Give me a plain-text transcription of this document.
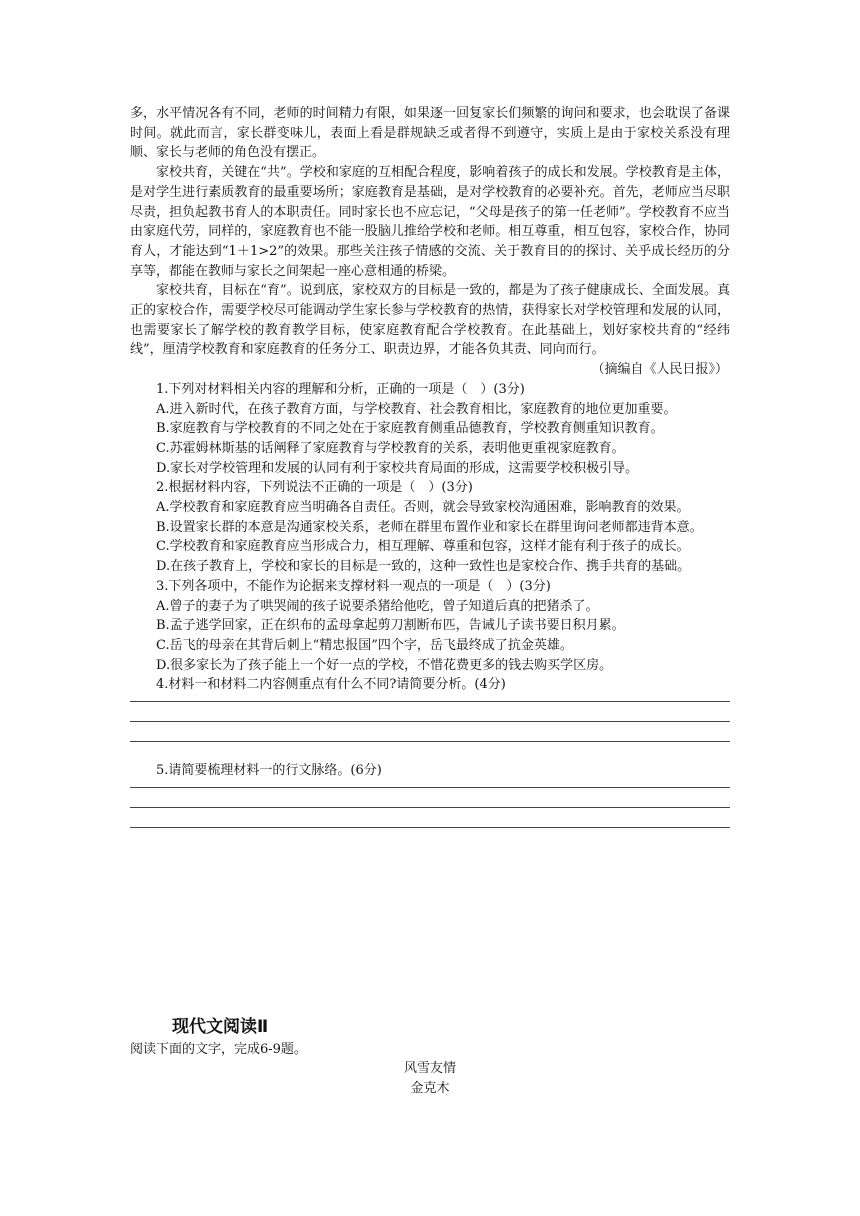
多，水平情况各有不同，老师的时间精力有限，如果逐一回复家长们频繁的询问和要求，也会耽误了备课时间。就此而言，家长群变味儿，表面上看是群规缺乏或者得不到遵守，实质上是由于家校关系没有理顺、家长与老师的角色没有摆正。

家校共育，关键在“共”。学校和家庭的互相配合程度，影响着孩子的成长和发展。学校教育是主体，是对学生进行素质教育的最重要场所；家庭教育是基础，是对学校教育的必要补充。首先，老师应当尽职尽责，担负起教书育人的本职责任。同时家长也不应忘记，“父母是孩子的第一任老师”。学校教育不应当由家庭代劳，同样的，家庭教育也不能一股脑儿推给学校和老师。相互尊重，相互包容，家校合作，协同育人，才能达到“1＋1>2”的效果。那些关注孩子情感的交流、关于教育目的的探讨、关乎成长经历的分享等，都能在教师与家长之间架起一座心意相通的桥梁。

家校共育，目标在“育”。说到底，家校双方的目标是一致的，都是为了孩子健康成长、全面发展。真正的家校合作，需要学校尽可能调动学生家长参与学校教育的热情，获得家长对学校管理和发展的认同，也需要家长了解学校的教育教学目标，使家庭教育配合学校教育。在此基础上，划好家校共育的“经纬线”，厘清学校教育和家庭教育的任务分工、职责边界，才能各负其责、同向而行。

（摘编自《人民日报》）

1.下列对材料相关内容的理解和分析，正确的一项是（　）(3分)

A.进入新时代，在孩子教育方面，与学校教育、社会教育相比，家庭教育的地位更加重要。

B.家庭教育与学校教育的不同之处在于家庭教育侧重品德教育，学校教育侧重知识教育。

C.苏霍姆林斯基的话阐释了家庭教育与学校教育的关系，表明他更重视家庭教育。

D.家长对学校管理和发展的认同有利于家校共育局面的形成，这需要学校积极引导。

2.根据材料内容，下列说法不正确的一项是（　）(3分)

A.学校教育和家庭教育应当明确各自责任。否则，就会导致家校沟通困难，影响教育的效果。

B.设置家长群的本意是沟通家校关系，老师在群里布置作业和家长在群里询问老师都违背本意。

C.学校教育和家庭教育应当形成合力，相互理解、尊重和包容，这样才能有利于孩子的成长。

D.在孩子教育上，学校和家长的目标是一致的，这种一致性也是家校合作、携手共育的基础。

3.下列各项中，不能作为论据来支撑材料一观点的一项是（　）(3分)

A.曾子的妻子为了哄哭闹的孩子说要杀猪给他吃，曾子知道后真的把猪杀了。

B.孟子逃学回家，正在织布的孟母拿起剪刀割断布匹，告诫儿子读书要日积月累。

C.岳飞的母亲在其背后刺上“精忠报国”四个字，岳飞最终成了抗金英雄。

D.很多家长为了孩子能上一个好一点的学校，不惜花费更多的钱去购买学区房。

4.材料一和材料二内容侧重点有什么不同?请简要分析。(4分)

5.请简要梳理材料一的行文脉络。(6分)

现代文阅读Ⅱ
阅读下面的文字，完成6-9题。
风雪友情
金克木
